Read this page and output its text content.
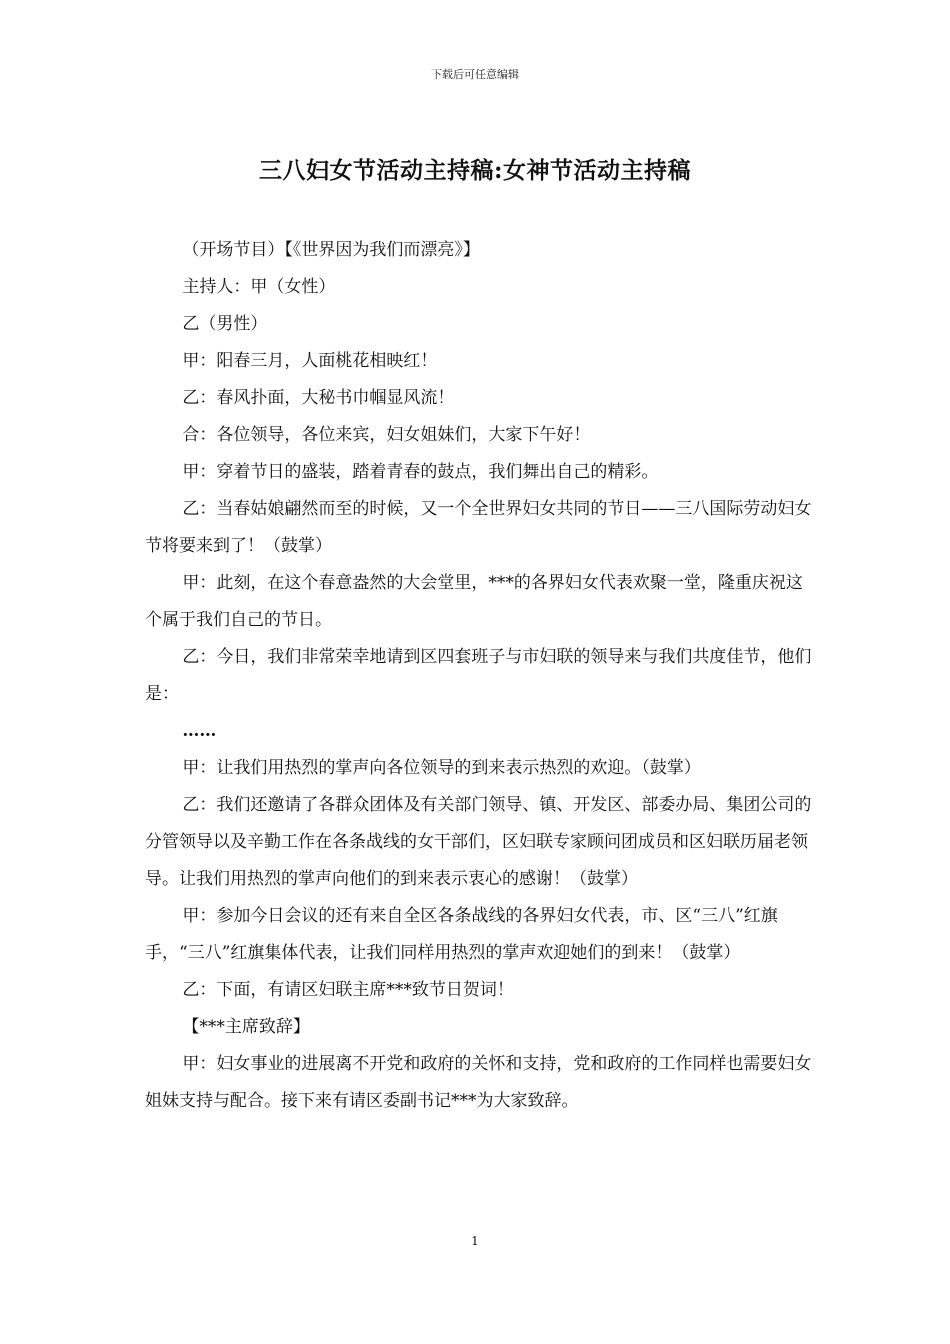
下载后可任意编辑
三八妇女节活动主持稿:女神节活动主持稿

（开场节目）【《世界因为我们而漂亮》】

主持人：甲（女性）

乙（男性）

甲：阳春三月，人面桃花相映红！

乙：春风扑面，大秘书巾帼显风流！

合：各位领导，各位来宾，妇女姐妹们，大家下午好！

甲：穿着节日的盛装，踏着青春的鼓点，我们舞出自己的精彩。

乙：当春姑娘翩然而至的时候，又一个全世界妇女共同的节日——三八国际劳动妇女节将要来到了！（鼓掌）

甲：此刻，在这个春意盎然的大会堂里，***的各界妇女代表欢聚一堂，隆重庆祝这个属于我们自己的节日。

乙：今日，我们非常荣幸地请到区四套班子与市妇联的领导来与我们共度佳节，他们是：

……

甲：让我们用热烈的掌声向各位领导的到来表示热烈的欢迎。（鼓掌）

乙：我们还邀请了各群众团体及有关部门领导、镇、开发区、部委办局、集团公司的分管领导以及辛勤工作在各条战线的女干部们，区妇联专家顾问团成员和区妇联历届老领导。让我们用热烈的掌声向他们的到来表示衷心的感谢！（鼓掌）

甲：参加今日会议的还有来自全区各条战线的各界妇女代表，市、区“三八”红旗手，“三八”红旗集体代表，让我们同样用热烈的掌声欢迎她们的到来！（鼓掌）

乙：下面，有请区妇联主席***致节日贺词！

【***主席致辞】

甲：妇女事业的进展离不开党和政府的关怀和支持，党和政府的工作同样也需要妇女姐妹支持与配合。接下来有请区委副书记***为大家致辞。

1
